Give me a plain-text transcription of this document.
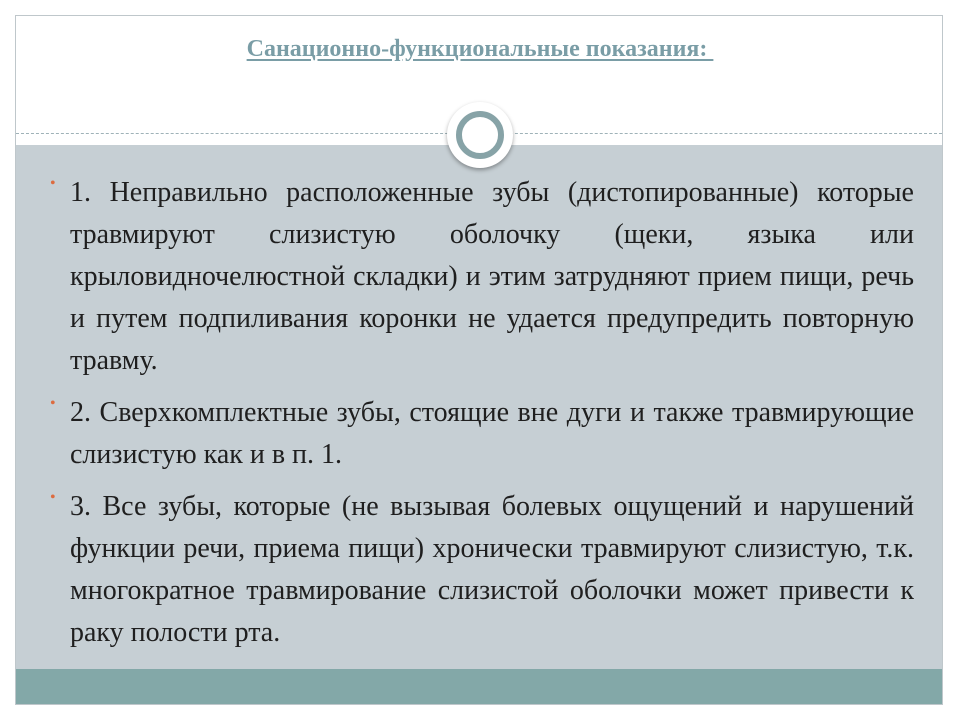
Санационно-функциональные показания:
• 1. Неправильно расположенные зубы (дистопированные) которые травмируют слизистую оболочку (щеки, языка или крыловидночелюстной складки) и этим затрудняют прием пищи, речь и путем подпиливания коронки не удается предупредить повторную травму.
• 2. Сверхкомплектные зубы, стоящие вне дуги и также травмирующие слизистую как и в п. 1.
• 3. Все зубы, которые (не вызывая болевых ощущений и нарушений функции речи, приема пищи) хронически травмируют слизистую, т.к. многократное травмирование слизистой оболочки может привести к раку полости рта.
